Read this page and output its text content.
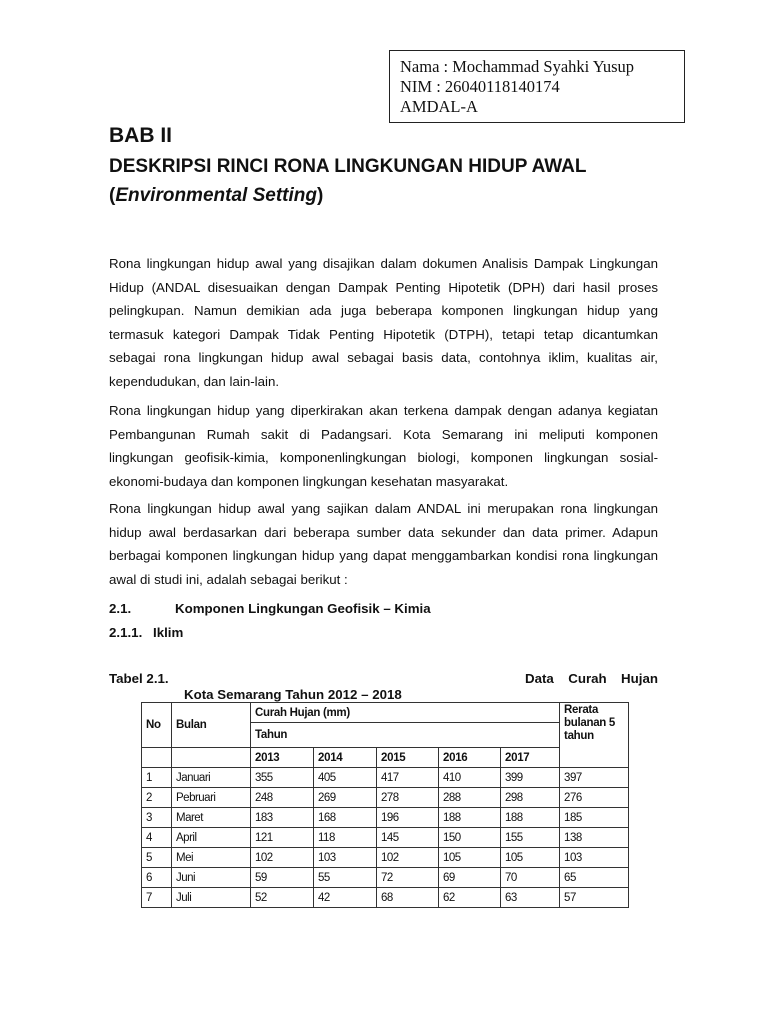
Nama : Mochammad Syahki Yusup
NIM : 26040118140174
AMDAL-A
BAB II
DESKRIPSI RINCI RONA LINGKUNGAN HIDUP AWAL
(Environmental Setting)
Rona lingkungan hidup awal yang disajikan dalam dokumen Analisis Dampak Lingkungan Hidup (ANDAL disesuaikan dengan Dampak Penting Hipotetik (DPH) dari hasil proses pelingkupan. Namun demikian ada juga beberapa komponen lingkungan hidup yang termasuk kategori Dampak Tidak Penting Hipotetik (DTPH), tetapi tetap dicantumkan sebagai rona lingkungan hidup awal sebagai basis data, contohnya iklim, kualitas air, kependudukan, dan lain-lain.
Rona lingkungan hidup yang diperkirakan akan terkena dampak dengan adanya kegiatan Pembangunan Rumah sakit di Padangsari. Kota Semarang ini meliputi komponen lingkungan geofisik-kimia, komponenlingkungan biologi, komponen lingkungan sosial-ekonomi-budaya dan komponen lingkungan kesehatan masyarakat.
Rona lingkungan hidup awal yang sajikan dalam ANDAL ini merupakan rona lingkungan hidup awal berdasarkan dari beberapa sumber data sekunder dan data primer. Adapun berbagai komponen lingkungan hidup yang dapat menggambarkan kondisi rona lingkungan awal di studi ini, adalah sebagai berikut :
2.1.	Komponen Lingkungan Geofisik – Kimia
2.1.1. Iklim
Tabel 2.1.	Data Curah Hujan
Kota Semarang Tahun 2012 – 2018
No	Bulan	Curah Hujan (mm)					Rerata bulanan 5 tahun
		Tahun					
		2013	2014	2015	2016	2017	
1	Januari	355	405	417	410	399	397
2	Pebruari	248	269	278	288	298	276
3	Maret	183	168	196	188	188	185
4	April	121	118	145	150	155	138
5	Mei	102	103	102	105	105	103
6	Juni	59	55	72	69	70	65
7	Juli	52	42	68	62	63	57
